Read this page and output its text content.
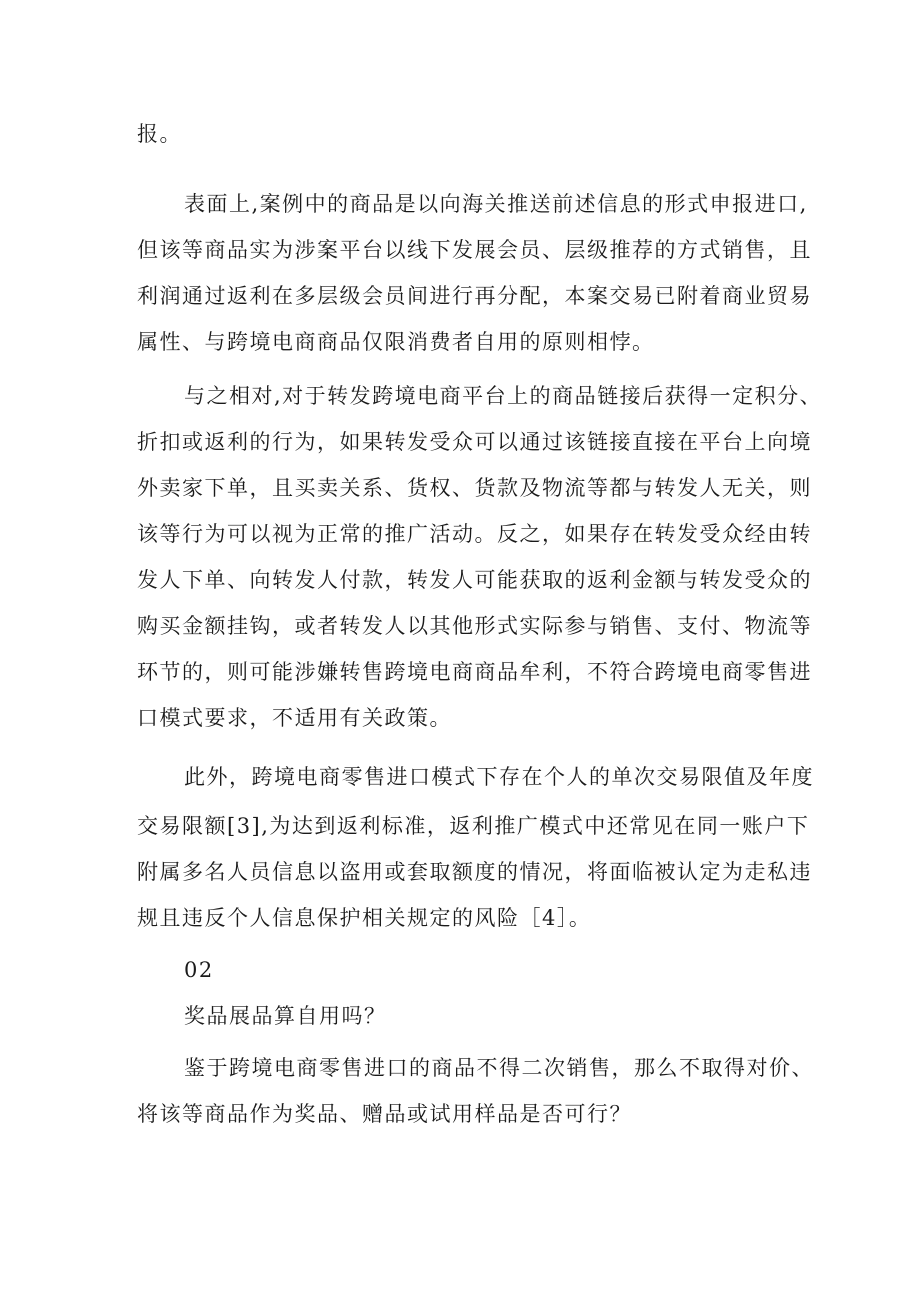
报。
表面上,案例中的商品是以向海关推送前述信息的形式申报进口,
但该等商品实为涉案平台以线下发展会员、层级推荐的方式销售，且
利润通过返利在多层级会员间进行再分配，本案交易已附着商业贸易
属性、与跨境电商商品仅限消费者自用的原则相悖。
与之相对,对于转发跨境电商平台上的商品链接后获得一定积分、
折扣或返利的行为，如果转发受众可以通过该链接直接在平台上向境
外卖家下单，且买卖关系、货权、货款及物流等都与转发人无关，则
该等行为可以视为正常的推广活动。反之，如果存在转发受众经由转
发人下单、向转发人付款，转发人可能获取的返利金额与转发受众的
购买金额挂钩，或者转发人以其他形式实际参与销售、支付、物流等
环节的，则可能涉嫌转售跨境电商商品牟利，不符合跨境电商零售进
口模式要求，不适用有关政策。
此外，跨境电商零售进口模式下存在个人的单次交易限值及年度
交易限额[3],为达到返利标准，返利推广模式中还常见在同一账户下
附属多名人员信息以盗用或套取额度的情况，将面临被认定为走私违
规且违反个人信息保护相关规定的风险［4］。
02
奖品展品算自用吗？
鉴于跨境电商零售进口的商品不得二次销售，那么不取得对价、
将该等商品作为奖品、赠品或试用样品是否可行？
